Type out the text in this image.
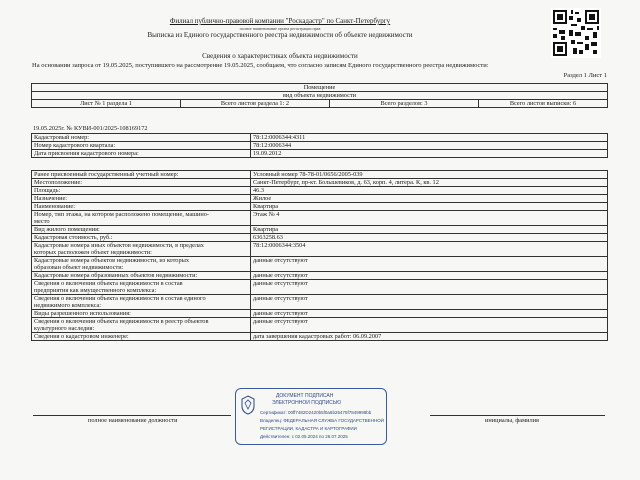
Филиал публично-правовой компании "Роскадастр" по Санкт-Петербургу
полное наименование органа регистрации прав
Выписка из Единого государственного реестра недвижимости об объекте недвижимости
Сведения о характеристиках объекта недвижимости
На основании запроса от 19.05.2025, поступившего на рассмотрение 19.05.2025, сообщаем, что согласно записям Единого государственного реестра недвижимости:
Раздел 1 Лист 1
Помещение
вид объекта недвижимости
Лист № 1 раздела 1	Всего листов раздела 1: 2	Всего разделов: 3	Всего листов выписки: 6
19.05.2025г. № КУВИ-001/2025-108169172
Кадастровый номер:	78:12:0006344:4311
Номер кадастрового квартала:	78:12:0006344
Дата присвоения кадастрового номера:	19.09.2012
Ранее присвоенный государственный учетный номер:	Условный номер 78-78-01/0656/2005-039
Местоположение:	Санкт-Петербург, пр-кт. Большевиков, д. 63, корп. 4, литера. К, кв. 12
Площадь:	46.3
Назначение:	Жилое
Наименование:	Квартира

Номер, тип этажа, на котором расположено помещение, машино-
место	Этаж № 4
Вид жилого помещения:	Квартира
Кадастровая стоимость, руб.:	6363258.63

Кадастровые номера иных объектов недвижимости, в пределах
которых расположен объект недвижимости:	78:12:0006344:3504

Кадастровые номера объектов недвижимости, из которых
образован объект недвижимости:	данные отсутствуют
Кадастровые номера образованных объектов недвижимости:	данные отсутствуют

Сведения о включении объекта недвижимости в состав
предприятия как имущественного комплекса:	данные отсутствуют

Сведения о включении объекта недвижимости в состав единого
недвижимого комплекса:	данные отсутствуют
Виды разрешенного использования:	данные отсутствуют

Сведения о включении объекта недвижимости в реестр объектов
культурного наследия:	данные отсутствуют
Сведения о кадастровом инженере:	дата завершения кадастровых работ: 06.09.2007
ДОКУМЕНТ ПОДПИСАН
ЭЛЕКТРОННОЙ ПОДПИСЬЮ
Сертификат: 00ff7482D2420b5f0a6b26475f7849998bb
Владелец: ФЕДЕРАЛЬНАЯ СЛУЖБА ГОСУДАРСТВЕННОЙ
РЕГИСТРАЦИИ, КАДАСТРА И КАРТОГРАФИИ
Действителен: с 02.05.2024 по 26.07.2025
полное наименование должности	инициалы, фамилия
